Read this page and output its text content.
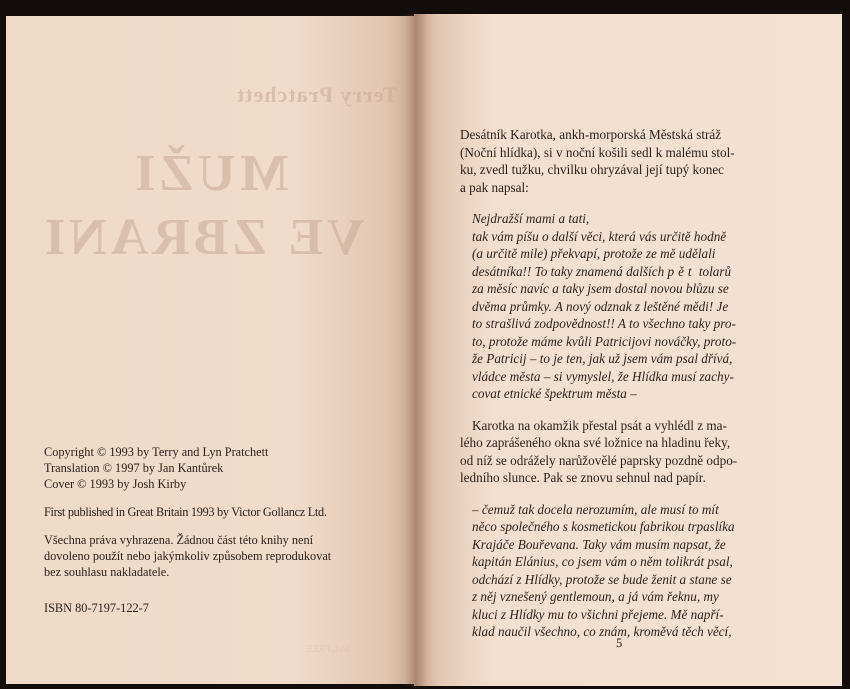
Terry Pratchett
MUŽI
VE ZBRANI
JAL FREE

Copyright © 1993 by Terry and Lyn Pratchett

Translation © 1997 by Jan Kantůrek

Cover © 1993 by Josh Kirby

First published in Great Britain 1993 by Victor Gollancz Ltd.

Všechna práva vyhrazena. Žádnou část této knihy není

dovoleno použít nebo jakýmkoliv způsobem reprodukovat

bez souhlasu nakladatele.

ISBN 80-7197-122-7

Desátník Karotka, ankh-morporská Městská stráž

(Noční hlídka), si v noční košili sedl k malému stol-

ku, zvedl tužku, chvilku ohryzával její tupý konec

a pak napsal:

Nejdražší mami a tati,

tak vám píšu o další věci, která vás určitě hodně

(a určitě mile) překvapí, protože ze mě udělali

desátníka!! To taky znamená dalších pět tolarů

za měsíc navíc a taky jsem dostal novou blůzu se

dvěma průmky. A nový odznak z leštěné mědi! Je

to strašlivá zodpovědnost!! A to všechno taky pro-

to, protože máme kvůli Patricijovi nováčky, proto-

že Patricij – to je ten, jak už jsem vám psal dřívá,

vládce města – si vymyslel, že Hlídka musí zachy-

covat etnické špektrum města –

Karotka na okamžik přestal psát a vyhlédl z ma-

lého zaprášeného okna své ložnice na hladinu řeky,

od níž se odrážely narůžovělé paprsky pozdně odpo-

ledního slunce. Pak se znovu sehnul nad papír.

– čemuž tak docela nerozumím, ale musí to mít

něco společného s kosmetickou fabrikou trpaslíka

Krajáče Bouřevana. Taky vám musím napsat, že

kapitán Elánius, co jsem vám o něm tolikrát psal,

odchází z Hlídky, protože se bude ženit a stane se

z něj vznešený gentlemoun, a já vám řeknu, my

kluci z Hlídky mu to všichni přejeme. Mě napří-

klad naučil všechno, co znám, kroměvá těch věcí,

5
